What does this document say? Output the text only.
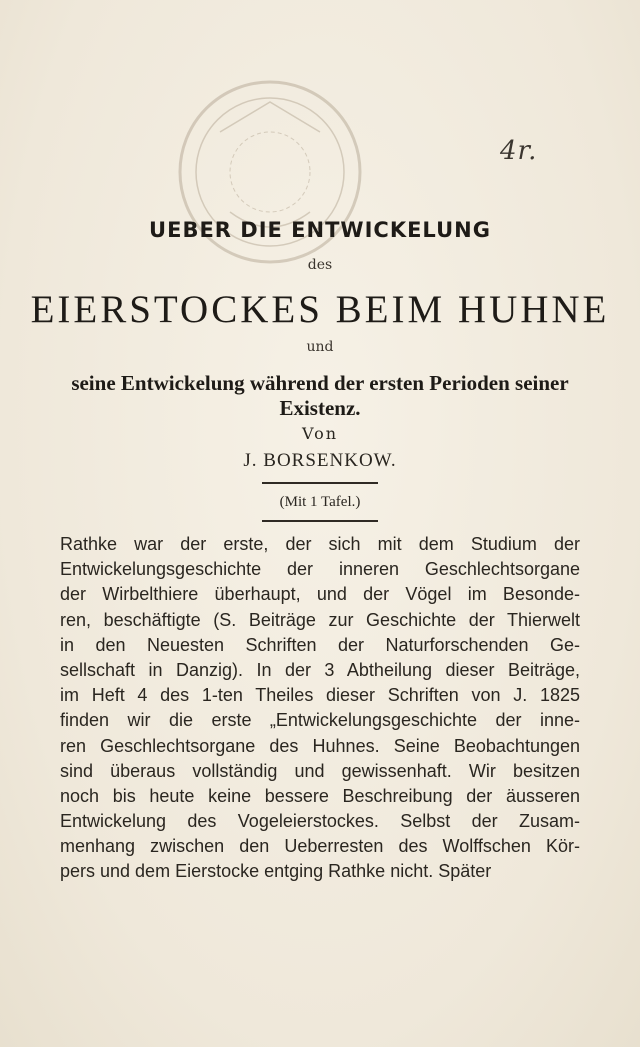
4r.
UEBER DIE ENTWICKELUNG
des
EIERSTOCKES BEIM HUHNE
und
seine Entwickelung während der ersten Perioden seiner
Existenz.
Von
J. BORSENKOW.
(Mit 1 Tafel.)
Rathke war der erste, der sich mit dem Studium der
Entwickelungsgeschichte der inneren Geschlechtsorgane
der Wirbelthiere überhaupt, und der Vögel im Besonde-
ren, beschäftigte (S. Beiträge zur Geschichte der Thierwelt
in den Neuesten Schriften der Naturforschenden Ge-
sellschaft in Danzig). In der 3 Abtheilung dieser Beiträge,
im Heft 4 des 1-ten Theiles dieser Schriften von J. 1825
finden wir die erste „Entwickelungsgeschichte der inne-
ren Geschlechtsorgane des Huhnes. Seine Beobachtungen
sind überaus vollständig und gewissenhaft. Wir besitzen
noch bis heute keine bessere Beschreibung der äusseren
Entwickelung des Vogeleierstockes. Selbst der Zusam-
menhang zwischen den Ueberresten des Wolffschen Kör-
pers und dem Eierstocke entging Rathke nicht. Später
